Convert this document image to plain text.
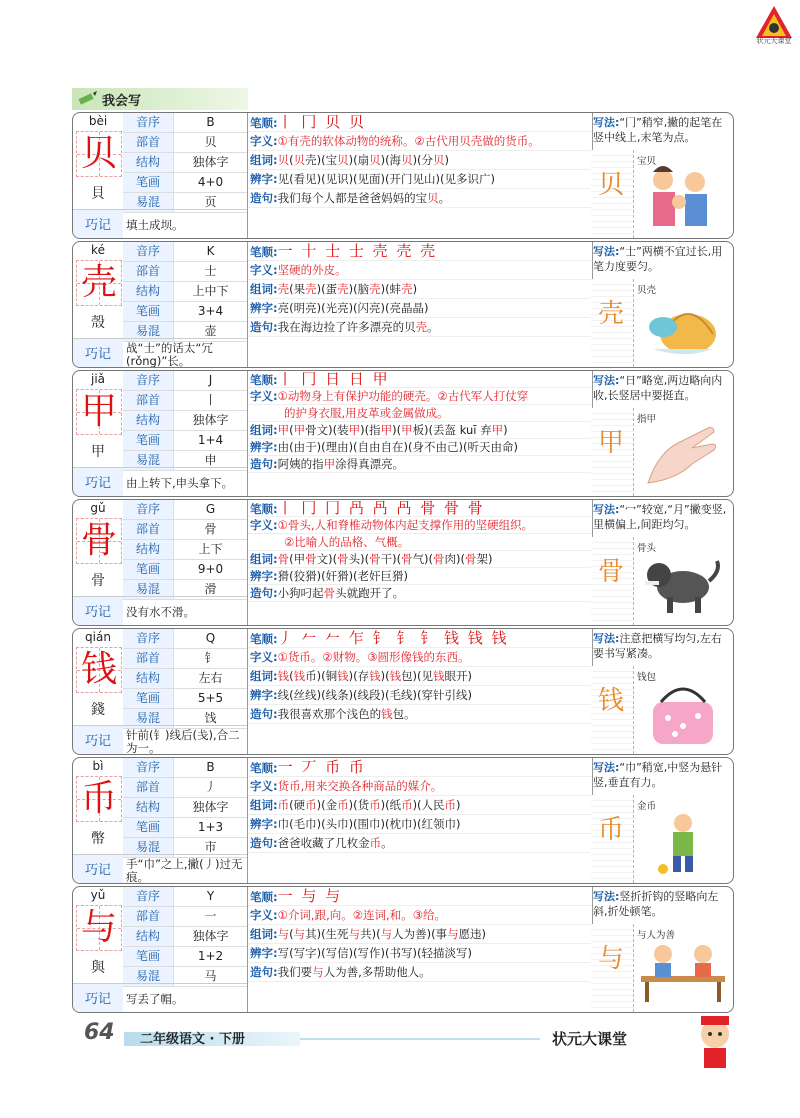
状元大课堂
我会写
bèi
贝
貝
音序	B
部首	贝
结构	独体字
笔画	4+0
易混	页
巧记	填土成坝。
笔顺:丨 冂 贝 贝
字义:①有壳的软体动物的统称。②古代用贝壳做的货币。
组词:贝(贝壳)(宝贝)(扇贝)(海贝)(分贝)
辨字:见(看见)(见识)(见面)(开门见山)(见多识广)
造句:我们每个人都是爸爸妈妈的宝贝。
写法:“冂”稍窄,撇的起笔在竖中线上,末笔为点。
贝
宝贝
ké
壳
殼
音序	K
部首	士
结构	上中下
笔画	3+4
易混	壶
巧记	战“士”的话太“冗(rǒng)”长。
笔顺:一 十 士 士 壳 壳 壳
字义:坚硬的外皮。
组词:壳(果壳)(蛋壳)(脑壳)(蚌壳)
辨字:亮(明亮)(光亮)(闪亮)(亮晶晶)
造句:我在海边捡了许多漂亮的贝壳。
写法:“士”两横不宜过长,用笔力度要匀。
壳
贝壳
jiǎ
甲
甲
音序	J
部首	丨
结构	独体字
笔画	1+4
易混	申
巧记	由上转下,申头拿下。
笔顺:丨 冂 日 日 甲
字义:①动物身上有保护功能的硬壳。②古代军人打仗穿
的护身衣服,用皮革或金属做成。
组词:甲(甲骨文)(装甲)(指甲)(甲板)(丢盔 kuī 弃甲)
辨字:由(由于)(理由)(自由自在)(身不由己)(听天由命)
造句:阿姨的指甲涂得真漂亮。
写法:“日”略宽,两边略向内收,长竖居中要挺直。
甲
指甲
gǔ
骨
骨
音序	G
部首	骨
结构	上下
笔画	9+0
易混	滑
巧记	没有水不滑。
笔顺:丨 冂 冂 冎 冎 冎 骨 骨 骨
字义:①骨头,人和脊椎动物体内起支撑作用的坚硬组织。
②比喻人的品格、气概。
组词:骨(甲骨文)(骨头)(骨干)(骨气)(骨肉)(骨架)
辨字:猾(狡猾)(奸猾)(老奸巨猾)
造句:小狗叼起骨头就跑开了。
写法:“冖”较宽,“月”撇变竖,里横偏上,间距均匀。
骨
骨头
qián
钱
錢
音序	Q
部首	钅
结构	左右
笔画	5+5
易混	饯
巧记	针前(钅)线后(戋),合二为一。
笔顺:丿 𠂉 𠂉 乍 钅 钅 钅 钱 钱 钱
字义:①货币。②财物。③圆形像钱的东西。
组词:钱(钱币)(铜钱)(存钱)(钱包)(见钱眼开)
辨字:线(丝线)(线条)(线段)(毛线)(穿针引线)
造句:我很喜欢那个浅色的钱包。
写法:注意把横写均匀,左右要书写紧凑。
钱
钱包
bì
币
幣
音序	B
部首	丿
结构	独体字
笔画	1+3
易混	市
巧记	手“巾”之上,撇(丿)过无痕。
笔顺:一 丆 币 币
字义:货币,用来交换各种商品的媒介。
组词:币(硬币)(金币)(货币)(纸币)(人民币)
辨字:巾(毛巾)(头巾)(围巾)(枕巾)(红领巾)
造句:爸爸收藏了几枚金币。
写法:“巾”稍宽,中竖为悬针竖,垂直有力。
币
金币
yǔ
与
與
音序	Y
部首	一
结构	独体字
笔画	1+2
易混	马
巧记	写丢了帽。
笔顺:一 与 与
字义:①介词,跟,向。②连词,和。③给。
组词:与(与其)(生死与共)(与人为善)(事与愿违)
辨字:写(写字)(写信)(写作)(书写)(轻描淡写)
造句:我们要与人为善,多帮助他人。
写法:竖折折钩的竖略向左斜,折处顿笔。
与
与人为善
64	二年级语文 · 下册	状元大课堂
